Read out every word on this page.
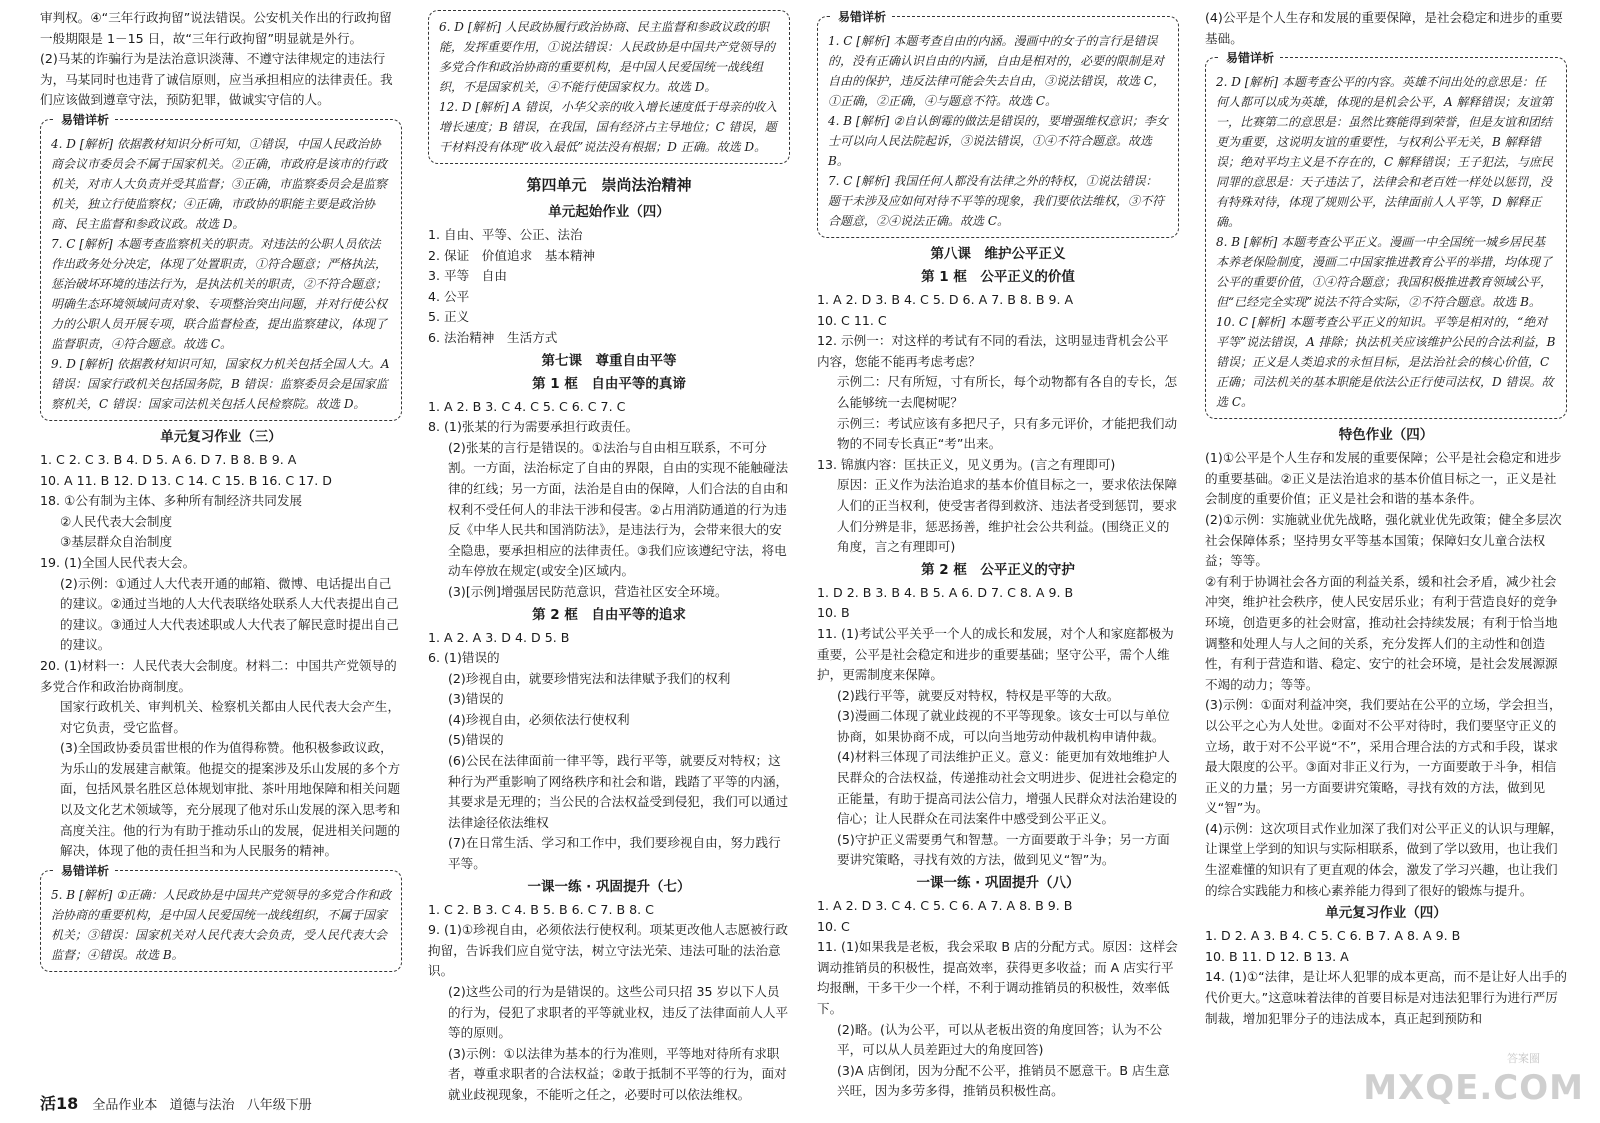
审判权。④“三年行政拘留”说法错误。公安机关作出的行政拘留一般期限是 1－15 日，故“三年行政拘留”明显就是外行。

(2)马某的诈骗行为是法治意识淡薄、不遵守法律规定的违法行为，马某同时也违背了诚信原则，应当承担相应的法律责任。我们应该做到遵章守法，预防犯罪，做诚实守信的人。

易错详析

4. D [解析] 依据教材知识分析可知，①错误，中国人民政治协商会议市委员会不属于国家机关。②正确，市政府是该市的行政机关，对市人大负责并受其监督；③正确，市监察委员会是监察机关，独立行使监察权；④正确，市政协的职能主要是政治协商、民主监督和参政议政。故选 D。

7. C [解析] 本题考查监察机关的职责。对违法的公职人员依法作出政务处分决定，体现了处置职责，①符合题意；严格执法，惩治破坏环境的违法行为，是执法机关的职责，②不符合题意；明确生态环境领域问责对象、专项整治突出问题，并对行使公权力的公职人员开展专项，联合监督检查，提出监察建议，体现了监督职责，④符合题意。故选 C。

9. D [解析] 依据教材知识可知，国家权力机关包括全国人大。A 错误：国家行政机关包括国务院，B 错误：监察委员会是国家监察机关，C 错误：国家司法机关包括人民检察院。故选 D。

单元复习作业（三）

1. C 2. C 3. B 4. D 5. A 6. D 7. B 8. B 9. A

10. A 11. B 12. D 13. C 14. C 15. B 16. C 17. D

18. ①公有制为主体、多种所有制经济共同发展

②人民代表大会制度

③基层群众自治制度

19. (1)全国人民代表大会。

(2)示例：①通过人大代表开通的邮箱、微博、电话提出自己的建议。②通过当地的人大代表联络处联系人大代表提出自己的建议。③通过人大代表述职或人大代表了解民意时提出自己的建议。

20. (1)材料一：人民代表大会制度。材料二：中国共产党领导的多党合作和政治协商制度。

国家行政机关、审判机关、检察机关都由人民代表大会产生，对它负责，受它监督。

(3)全国政协委员雷世根的作为值得称赞。他积极参政议政，为乐山的发展建言献策。他提交的提案涉及乐山发展的多个方面，包括风景名胜区总体规划审批、茶叶用地保障和相关问题以及文化艺术领域等，充分展现了他对乐山发展的深入思考和高度关注。他的行为有助于推动乐山的发展，促进相关问题的解决，体现了他的责任担当和为人民服务的精神。

易错详析

5. B [解析] ①正确：人民政协是中国共产党领导的多党合作和政治协商的重要机构，是中国人民爱国统一战线组织，不属于国家机关；③错误：国家机关对人民代表大会负责，受人民代表大会监督；④错误。故选 B。

6. D [解析] 人民政协履行政治协商、民主监督和参政议政的职能，发挥重要作用，①说法错误：人民政协是中国共产党领导的多党合作和政治协商的重要机构，是中国人民爱国统一战线组织，不是国家机关，④不能行使国家权力。故选 D。

12. D [解析] A 错误，小华父亲的收入增长速度低于母亲的收入增长速度；B 错误，在我国，国有经济占主导地位；C 错误，题干材料没有体现“收入最低”说法没有根据；D 正确。故选 D。

第四单元　崇尚法治精神
单元起始作业（四）

1. 自由、平等、公正、法治

2. 保证　价值追求　基本精神

3. 平等　自由

4. 公平

5. 正义

6. 法治精神　生活方式

第七课　尊重自由平等
第 1 框　自由平等的真谛

1. A 2. B 3. C 4. C 5. C 6. C 7. C

8. (1)张某的行为需要承担行政责任。

(2)张某的言行是错误的。①法治与自由相互联系，不可分割。一方面，法治标定了自由的界限，自由的实现不能触碰法律的红线；另一方面，法治是自由的保障，人们合法的自由和权利不受任何人的非法干涉和侵害。②占用消防通道的行为违反《中华人民共和国消防法》，是违法行为，会带来很大的安全隐患，要承担相应的法律责任。③我们应该遵纪守法，将电动车停放在规定(或安全)区域内。

(3)[示例]增强居民防范意识，营造社区安全环境。

第 2 框　自由平等的追求

1. A 2. A 3. D 4. D 5. B

6. (1)错误的

(2)珍视自由，就要珍惜宪法和法律赋予我们的权利

(3)错误的

(4)珍视自由，必须依法行使权利

(5)错误的

(6)公民在法律面前一律平等，践行平等，就要反对特权；这种行为严重影响了网络秩序和社会和谐，践踏了平等的内涵，其要求是无理的；当公民的合法权益受到侵犯，我们可以通过法律途径依法维权

(7)在日常生活、学习和工作中，我们要珍视自由，努力践行平等。

一课一练 · 巩固提升（七）

1. C 2. B 3. C 4. B 5. B 6. C 7. B 8. C

9. (1)①珍视自由，必须依法行使权利。项某更改他人志愿被行政拘留，告诉我们应自觉守法，树立守法光荣、违法可耻的法治意识。

(2)这些公司的行为是错误的。这些公司只招 35 岁以下人员的行为，侵犯了求职者的平等就业权，违反了法律面前人人平等的原则。

(3)示例：①以法律为基本的行为准则，平等地对待所有求职者，尊重求职者的合法权益；②敢于抵制不平等的行为，面对就业歧视现象，不能听之任之，必要时可以依法维权。

易错详析

1. C [解析] 本题考查自由的内涵。漫画中的女子的言行是错误的，没有正确认识自由的内涵，自由是相对的，必要的限制是对自由的保护，违反法律可能会失去自由，③说法错误，故选 C，①正确，②正确，④与题意不符。故选 C。

4. B [解析] ②自认倒霉的做法是错误的，要增强维权意识；李女士可以向人民法院起诉，③说法错误，①④不符合题意。故选 B。

7. C [解析] 我国任何人都没有法律之外的特权，①说法错误：题干未涉及应如何对待不平等的现象，我们要依法维权，③不符合题意，②④说法正确。故选 C。

第八课　维护公平正义
第 1 框　公平正义的价值

1. A 2. D 3. B 4. C 5. D 6. A 7. B 8. B 9. A

10. C 11. C

12. 示例一：对这样的考试有不同的看法，这明显违背机会公平内容，您能不能再考虑考虑？

示例二：尺有所短，寸有所长，每个动物都有各自的专长，怎么能够统一去爬树呢？

示例三：考试应该有多把尺子，只有多元评价，才能把我们动物的不同专长真正“考”出来。

13. 锦旗内容：匡扶正义，见义勇为。(言之有理即可)

原因：正义作为法治追求的基本价值目标之一，要求依法保障人们的正当权利，使受害者得到救济、违法者受到惩罚，要求人们分辨是非，惩恶扬善，维护社会公共利益。(围绕正义的角度，言之有理即可)

第 2 框　公平正义的守护

1. D 2. B 3. B 4. B 5. A 6. D 7. C 8. A 9. B

10. B

11. (1)考试公平关乎一个人的成长和发展，对个人和家庭都极为重要，公平是社会稳定和进步的重要基础；坚守公平，需个人维护，更需制度来保障。

(2)践行平等，就要反对特权，特权是平等的大敌。

(3)漫画二体现了就业歧视的不平等现象。该女士可以与单位协商，如果协商不成，可以向当地劳动仲裁机构申请仲裁。

(4)材料三体现了司法维护正义。意义：能更加有效地维护人民群众的合法权益，传递推动社会文明进步、促进社会稳定的正能量，有助于提高司法公信力，增强人民群众对法治建设的信心；让人民群众在司法案件中感受到公平正义。

(5)守护正义需要勇气和智慧。一方面要敢于斗争；另一方面要讲究策略，寻找有效的方法，做到见义“智”为。

一课一练 · 巩固提升（八）

1. A 2. D 3. C 4. C 5. C 6. A 7. A 8. B 9. B

10. C

11. (1)如果我是老板，我会采取 B 店的分配方式。原因：这样会调动推销员的积极性，提高效率，获得更多收益；而 A 店实行平均报酬，干多干少一个样，不利于调动推销员的积极性，效率低下。

(2)略。(认为公平，可以从老板出资的角度回答；认为不公平，可以从人员差距过大的角度回答)

(3)A 店倒闭，因为分配不公平，推销员不愿意干。B 店生意兴旺，因为多劳多得，推销员积极性高。

(4)公平是个人生存和发展的重要保障，是社会稳定和进步的重要基础。

易错详析

2. D [解析] 本题考查公平的内容。英雄不问出处的意思是：任何人都可以成为英雄，体现的是机会公平，A 解释错误；友谊第一，比赛第二的意思是：虽然比赛能得到荣誉，但是友谊和团结更为重要，这说明友谊的重要性，与权利公平无关，B 解释错误；绝对平均主义是不存在的，C 解释错误；王子犯法，与庶民同罪的意思是：天子违法了，法律会和老百姓一样处以惩罚，没有特殊对待，体现了规则公平，法律面前人人平等，D 解释正确。

8. B [解析] 本题考查公平正义。漫画一中全国统一城乡居民基本养老保险制度，漫画二中国家推进教育公平的举措，均体现了公平的重要价值，①④符合题意；我国积极推进教育领域公平，但“已经完全实现”说法不符合实际，②不符合题意。故选 B。

10. C [解析] 本题考查公平正义的知识。平等是相对的，“绝对平等”说法错误，A 排除；执法机关应该维护公民的合法利益，B 错误；正义是人类追求的永恒目标，是法治社会的核心价值，C 正确；司法机关的基本职能是依法公正行使司法权，D 错误。故选 C。

特色作业（四）

(1)①公平是个人生存和发展的重要保障；公平是社会稳定和进步的重要基础。②正义是法治追求的基本价值目标之一，正义是社会制度的重要价值；正义是社会和谐的基本条件。

(2)①示例：实施就业优先战略，强化就业优先政策；健全多层次社会保障体系；坚持男女平等基本国策；保障妇女儿童合法权益；等等。

②有利于协调社会各方面的利益关系，缓和社会矛盾，减少社会冲突，维护社会秩序，使人民安居乐业；有利于营造良好的竞争环境，创造更多的社会财富，推动社会持续发展；有利于恰当地调整和处理人与人之间的关系，充分发挥人们的主动性和创造性，有利于营造和谐、稳定、安宁的社会环境，是社会发展源源不竭的动力；等等。

(3)示例：①面对利益冲突，我们要站在公平的立场，学会担当，以公平之心为人处世。②面对不公平对待时，我们要坚守正义的立场，敢于对不公平说“不”，采用合理合法的方式和手段，谋求最大限度的公平。③面对非正义行为，一方面要敢于斗争，相信正义的力量；另一方面要讲究策略，寻找有效的方法，做到见义“智”为。

(4)示例：这次项目式作业加深了我们对公平正义的认识与理解，让课堂上学到的知识与实际相联系，做到了学以致用，也让我们生涩难懂的知识有了更直观的体会，激发了学习兴趣，也让我们的综合实践能力和核心素养能力得到了很好的锻炼与提升。

单元复习作业（四）

1. D 2. A 3. B 4. C 5. C 6. B 7. A 8. A 9. B

10. B 11. D 12. B 13. A

14. (1)①“法律，是让坏人犯罪的成本更高，而不是让好人出手的代价更大。”这意味着法律的首要目标是对违法犯罪行为进行严厉制裁，增加犯罪分子的违法成本，真正起到预防和

活18 全品作业本 道德与法治 八年级下册
答案圈
MXQE.COM
